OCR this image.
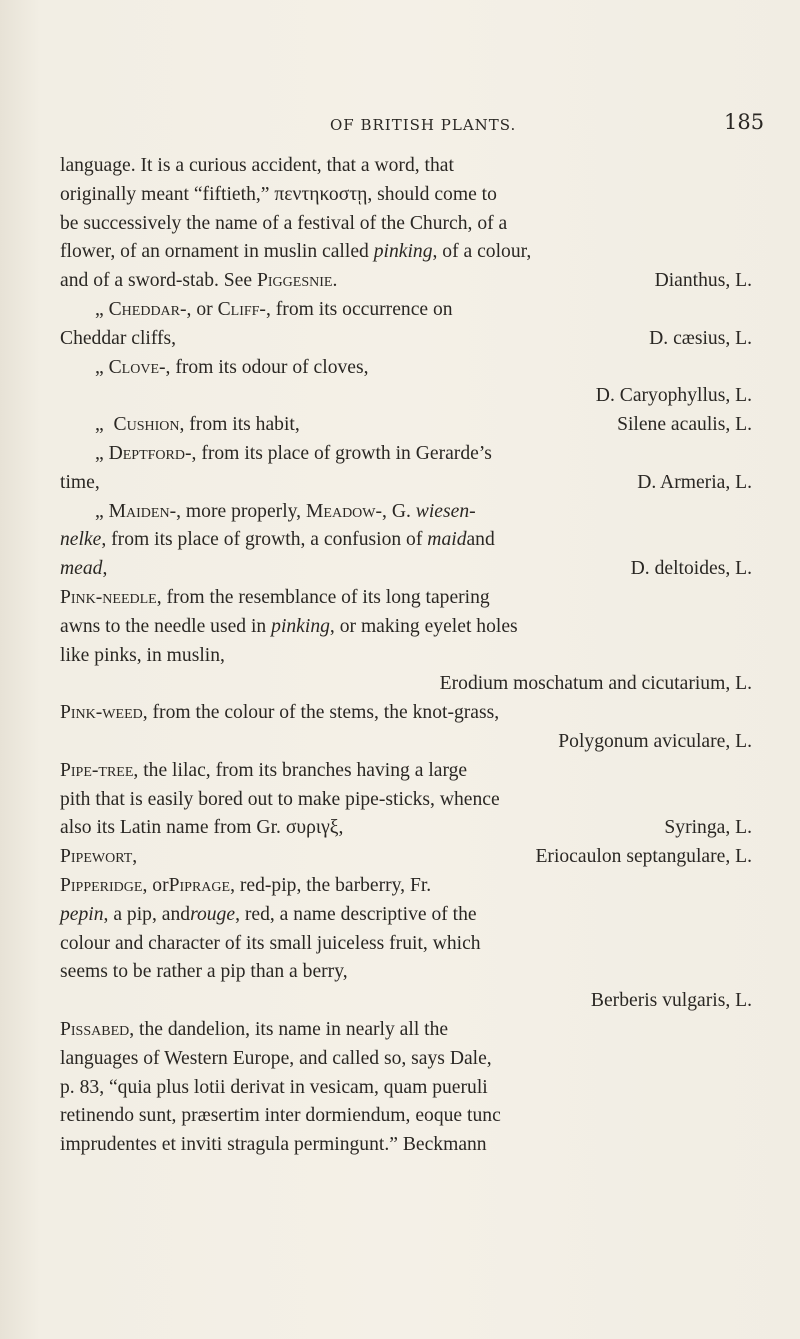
OF BRITISH PLANTS.	185
language. It is a curious accident, that a word, that
originally meant “fiftieth,” πεντηκοστῃ, should come to
be successively the name of a festival of the Church, of a
flower, of an ornament in muslin called
pinking , of a colour,
and of a sword-stab. See Piggesnie.	Dianthus, L.
„
Cheddar- , or
Cliff- , from its occurrence on
Cheddar cliffs,	D. cæsius, L.
„
Clove- , from its odour of cloves,
D. Caryophyllus, L.
„  Cushion, from its habit,	Silene acaulis, L.
„
Deptford- , from its place of growth in Gerarde’s
time,	D. Armeria, L.
„
Maiden- , more properly,
Meadow- , G.
wiesen-
nelke , from its place of growth, a confusion of
maid and
mead,	D. deltoides, L.
Pink-needle , from the resemblance of its long tapering
awns to the needle used in
pinking , or making eyelet holes
like pinks, in muslin,
Erodium moschatum and cicutarium, L.
Pink-weed , from the colour of the stems, the knot-grass,
Polygonum aviculare, L.
Pipe-tree , the lilac, from its branches having a large
pith that is easily bored out to make pipe-sticks, whence
also its Latin name from Gr. συριγξ,	Syringa, L.
Pipewort,	Eriocaulon septangulare, L.
Pipperidge , or Piprage , red-pip, the barberry, Fr.
pepin , a pip, and rouge , red, a name descriptive of the
colour and character of its small juiceless fruit, which
seems to be rather a pip than a berry,
Berberis vulgaris, L.
Pissabed , the dandelion, its name in nearly all the
languages of Western Europe, and called so, says Dale,
p. 83, “quia plus lotii derivat in vesicam, quam pueruli
retinendo sunt, præsertim inter dormiendum, eoque tunc
imprudentes et inviti stragula permingunt.” Beckmann
